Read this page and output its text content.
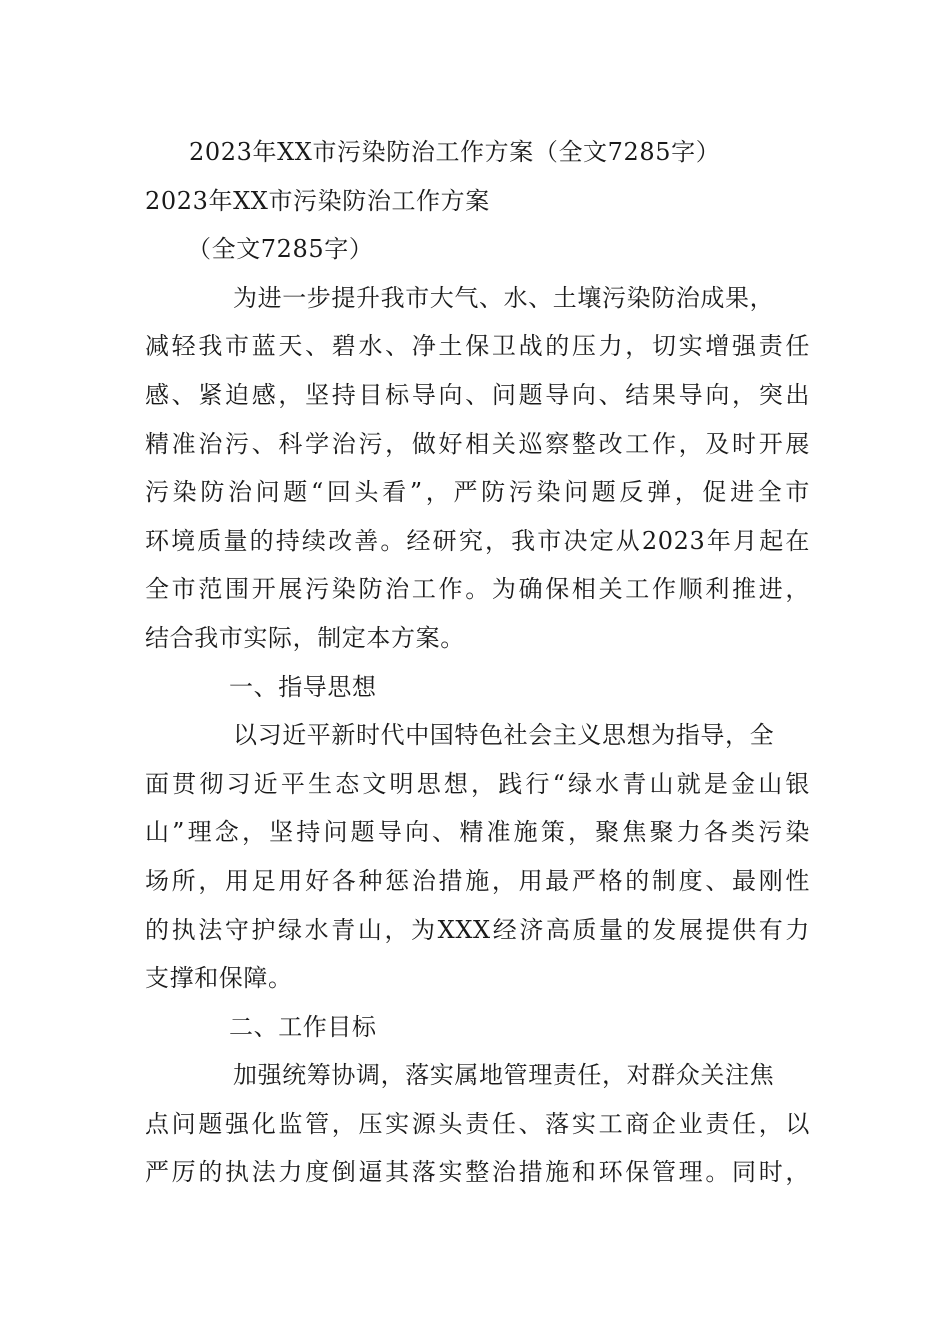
2023年XX市污染防治工作方案（全文7285字）
2023年XX市污染防治工作方案
（全文7285字）
为进一步提升我市大气、水、土壤污染防治成果，
减轻我市蓝天、碧水、净土保卫战的压力，切实增强责任
感、紧迫感，坚持目标导向、问题导向、结果导向，突出
精准治污、科学治污，做好相关巡察整改工作，及时开展
污染防治问题“回头看”，严防污染问题反弹，促进全市
环境质量的持续改善。经研究，我市决定从2023年月起在
全市范围开展污染防治工作。为确保相关工作顺利推进，
结合我市实际，制定本方案。
一、指导思想
以习近平新时代中国特色社会主义思想为指导，全
面贯彻习近平生态文明思想，践行“绿水青山就是金山银
山”理念，坚持问题导向、精准施策，聚焦聚力各类污染
场所，用足用好各种惩治措施，用最严格的制度、最刚性
的执法守护绿水青山，为XXX经济高质量的发展提供有力
支撑和保障。
二、工作目标
加强统筹协调，落实属地管理责任，对群众关注焦
点问题强化监管，压实源头责任、落实工商企业责任，以
严厉的执法力度倒逼其落实整治措施和环保管理。同时，
